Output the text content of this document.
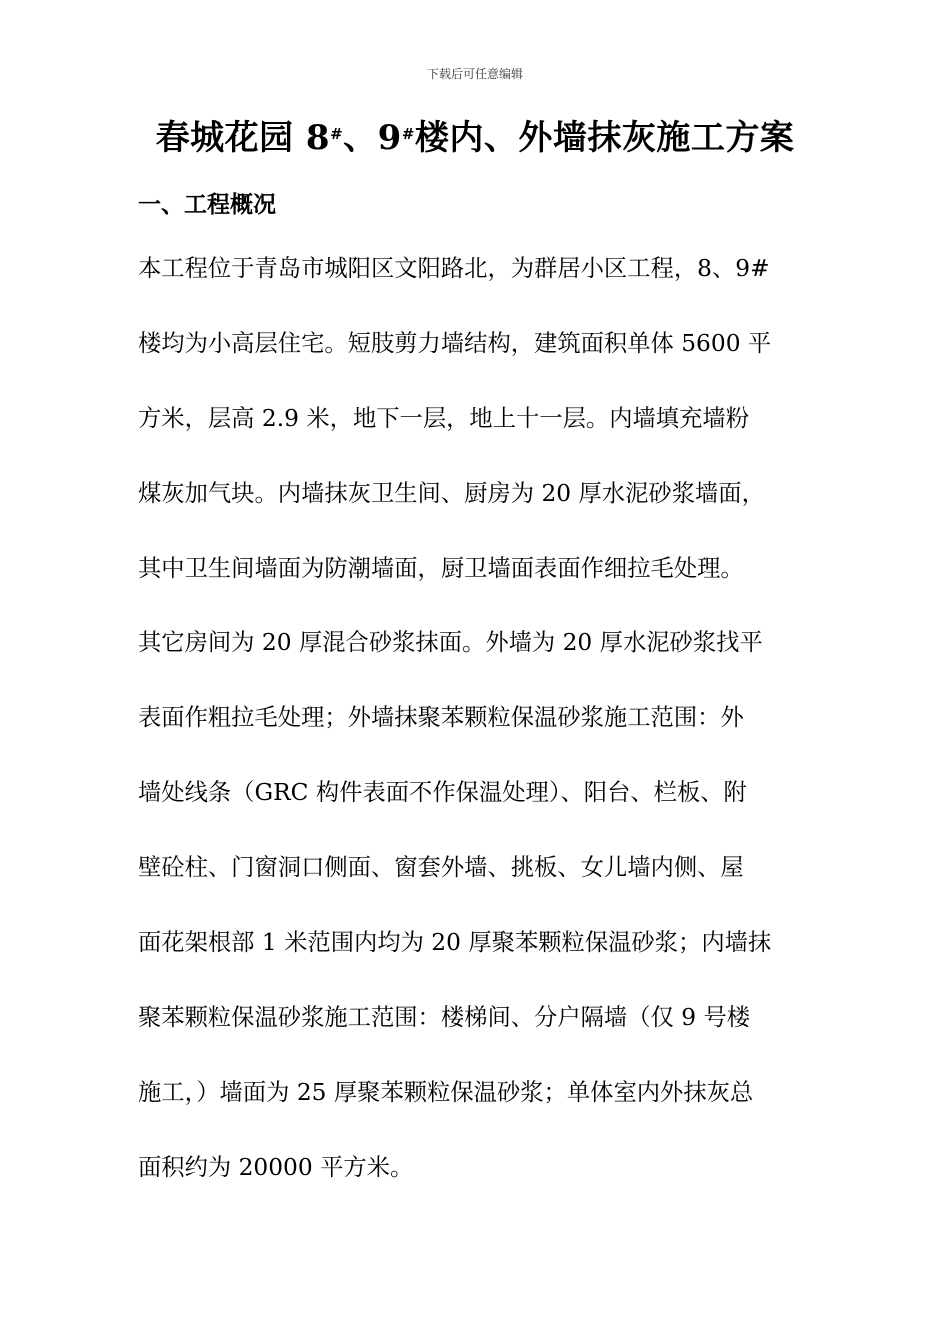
下载后可任意编辑
春城花园 8#、9#楼内、外墙抹灰施工方案
一、工程概况
本工程位于青岛市城阳区文阳路北，为群居小区工程，8、9#
楼均为小高层住宅。短肢剪力墙结构，建筑面积单体 5600 平
方米，层高 2.9 米，地下一层，地上十一层。内墙填充墙粉
煤灰加气块。内墙抹灰卫生间、厨房为 20 厚水泥砂浆墙面，
其中卫生间墙面为防潮墙面，厨卫墙面表面作细拉毛处理。
其它房间为 20 厚混合砂浆抹面。外墙为 20 厚水泥砂浆找平
表面作粗拉毛处理；外墙抹聚苯颗粒保温砂浆施工范围：外
墙处线条（GRC 构件表面不作保温处理）、阳台、栏板、附
壁砼柱、门窗洞口侧面、窗套外墙、挑板、女儿墙内侧、屋
面花架根部 1 米范围内均为 20 厚聚苯颗粒保温砂浆；内墙抹
聚苯颗粒保温砂浆施工范围：楼梯间、分户隔墙（仅 9 号楼
施工，）墙面为 25 厚聚苯颗粒保温砂浆；单体室内外抹灰总
面积约为 20000 平方米。
